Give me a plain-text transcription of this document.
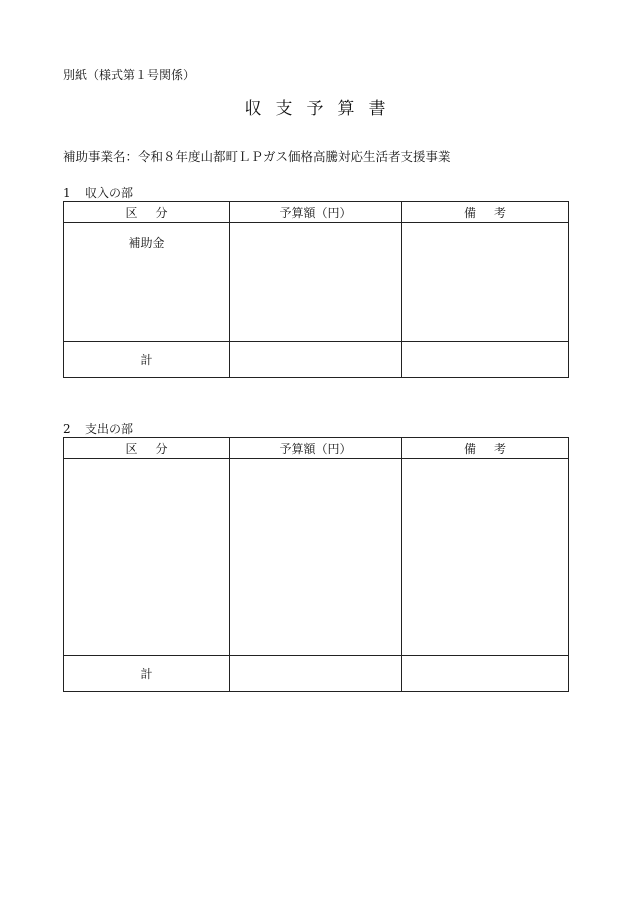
別紙（様式第１号関係）
収支予算書
補助事業名：令和８年度山都町ＬＰガス価格高騰対応生活者支援事業
1 収入の部
区分	予算額（円）	備考

補助金		

計		
2 支出の部
区分	予算額（円）	備考

計		
